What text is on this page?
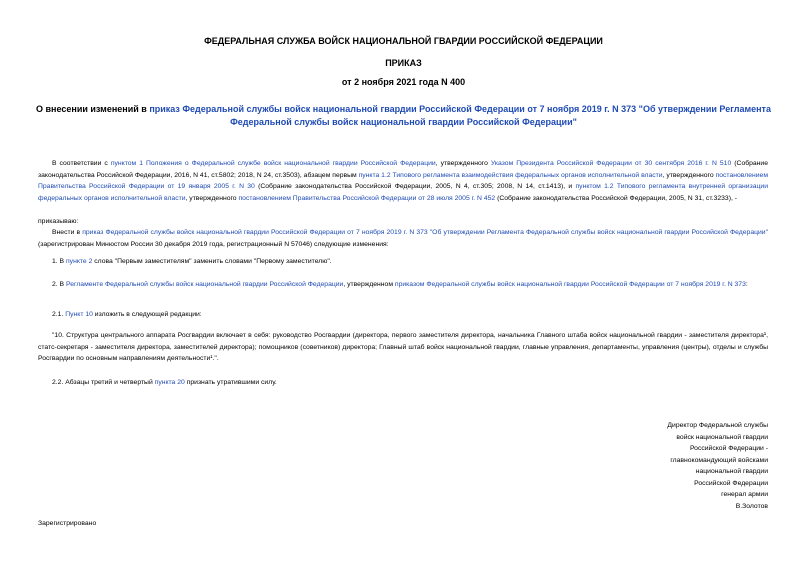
ФЕДЕРАЛЬНАЯ СЛУЖБА ВОЙСК НАЦИОНАЛЬНОЙ ГВАРДИИ РОССИЙСКОЙ ФЕДЕРАЦИИ
ПРИКАЗ
от 2 ноября 2021 года N 400
О внесении изменений в приказ Федеральной службы войск национальной гвардии Российской Федерации от 7 ноября 2019 г. N 373 "Об утверждении Регламента Федеральной службы войск национальной гвардии Российской Федерации"
В соответствии с пунктом 1 Положения о Федеральной службе войск национальной гвардии Российской Федерации, утвержденного Указом Президента Российской Федерации от 30 сентября 2016 г. N 510 (Собрание законодательства Российской Федерации, 2016, N 41, ст.5802; 2018, N 24, ст.3503), абзацем первым пункта 1.2 Типового регламента взаимодействия федеральных органов исполнительной власти, утвержденного постановлением Правительства Российской Федерации от 19 января 2005 г. N 30 (Собрание законодательства Российской Федерации, 2005, N 4, ст.305; 2008, N 14, ст.1413), и пунктом 1.2 Типового регламента внутренней организации федеральных органов исполнительной власти, утвержденного постановлением Правительства Российской Федерации от 28 июля 2005 г. N 452 (Собрание законодательства Российской Федерации, 2005, N 31, ст.3233), -
приказываю:
Внести в приказ Федеральной службы войск национальной гвардии Российской Федерации от 7 ноября 2019 г. N 373 "Об утверждении Регламента Федеральной службы войск национальной гвардии Российской Федерации" (зарегистрирован Минюстом России 30 декабря 2019 года, регистрационный N 57046) следующие изменения:
1. В пункте 2 слова "Первым заместителям" заменить словами "Первому заместителю".
2. В Регламенте Федеральной службы войск национальной гвардии Российской Федерации, утвержденном приказом Федеральной службы войск национальной гвардии Российской Федерации от 7 ноября 2019 г. N 373:
2.1. Пункт 10 изложить в следующей редакции:
"10. Структура центрального аппарата Росгвардии включает в себя: руководство Росгвардии (директора, первого заместителя директора, начальника Главного штаба войск национальной гвардии - заместителя директора¹, статс-секретаря - заместителя директора, заместителей директора); помощников (советников) директора; Главный штаб войск национальной гвардии, главные управления, департаменты, управления (центры), отделы и службы Росгвардии по основным направлениям деятельности¹.".
2.2. Абзацы третий и четвертый пункта 20 признать утратившими силу.
Директор Федеральной службы
войск национальной гвардии
Российской Федерации -
главнокомандующий войсками
национальной гвардии
Российской Федерации
генерал армии
В.Золотов
Зарегистрировано
